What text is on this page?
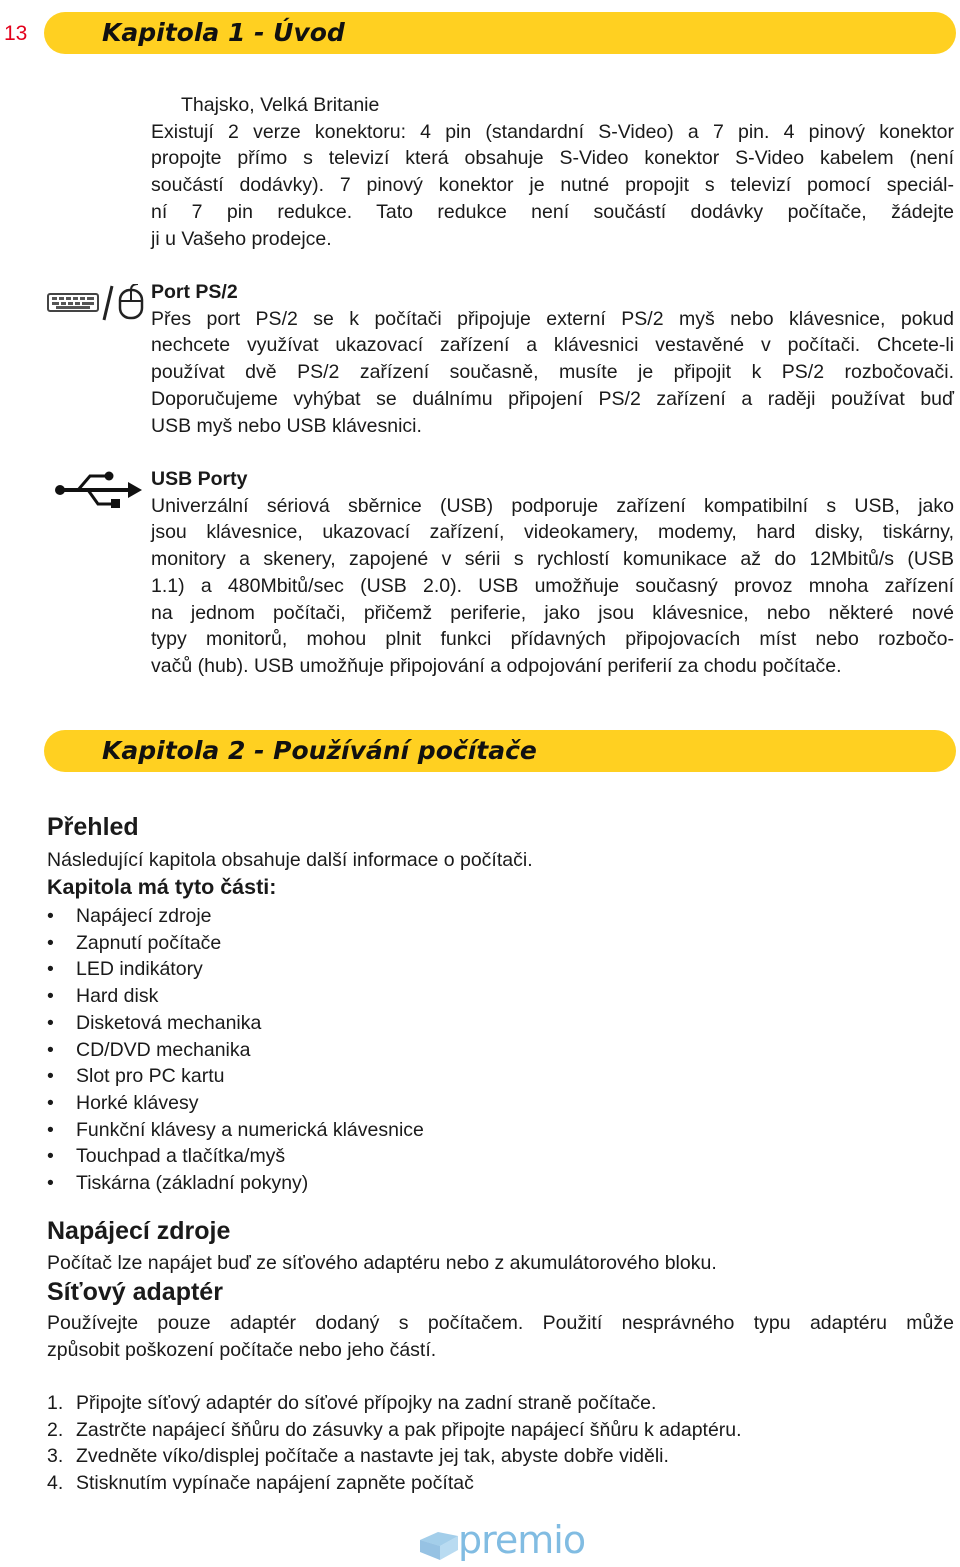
13	Kapitola 1 - Úvod
Thajsko, Velká Britanie
Existují 2 verze konektoru: 4 pin (standardní S-Video) a 7 pin. 4 pinový konektor
propojte přímo s televizí která obsahuje S-Video konektor S-Video kabelem (není
součástí dodávky). 7 pinový konektor je nutné propojit s televizí pomocí speciál-
ní 7 pin redukce. Tato redukce není součástí dodávky počítače, žádejte
ji u Vašeho prodejce.
Port PS/2
Přes port PS/2 se k počítači připojuje externí PS/2 myš nebo klávesnice, pokud
nechcete využívat ukazovací zařízení a klávesnici vestavěné v počítači. Chcete-li
používat dvě PS/2 zařízení současně, musíte je připojit k PS/2 rozbočovači.
Doporučujeme vyhýbat se duálnímu připojení PS/2 zařízení a raději používat buď
USB myš nebo USB klávesnici.
USB Porty
Univerzální sériová sběrnice (USB) podporuje zařízení kompatibilní s USB, jako
jsou klávesnice, ukazovací zařízení, videokamery, modemy, hard disky, tiskárny,
monitory a skenery, zapojené v sérii s rychlostí komunikace až do 12Mbitů/s (USB
1.1) a 480Mbitů/sec (USB 2.0). USB umožňuje současný provoz mnoha zařízení
na jednom počítači, přičemž periferie, jako jsou klávesnice, nebo některé nové
typy monitorů, mohou plnit funkci přídavných připojovacích míst nebo rozbočo-
vačů (hub). USB umožňuje připojování a odpojování periferií za chodu počítače.
Kapitola 2 - Používání počítače
Přehled
Následující kapitola obsahuje další informace o počítači.
Kapitola má tyto části:
• Napájecí zdroje
• Zapnutí počítače
• LED indikátory
• Hard disk
• Disketová mechanika
• CD/DVD mechanika
• Slot pro PC kartu
• Horké klávesy
• Funkční klávesy a numerická klávesnice
• Touchpad a tlačítka/myš
• Tiskárna (základní pokyny)
Napájecí zdroje
Počítač lze napájet buď ze síťového adaptéru nebo z akumulátorového bloku.
Síťový adaptér
Používejte pouze adaptér dodaný s počítačem. Použití nesprávného typu adaptéru může
způsobit poškození počítače nebo jeho částí.
1. Připojte síťový adaptér do síťové přípojky na zadní straně počítače.
2. Zastrčte napájecí šňůru do zásuvky a pak připojte napájecí šňůru k adaptéru.
3. Zvedněte víko/displej počítače a nastavte jej tak, abyste dobře viděli.
4. Stisknutím vypínače napájení zapněte počítač
premio
